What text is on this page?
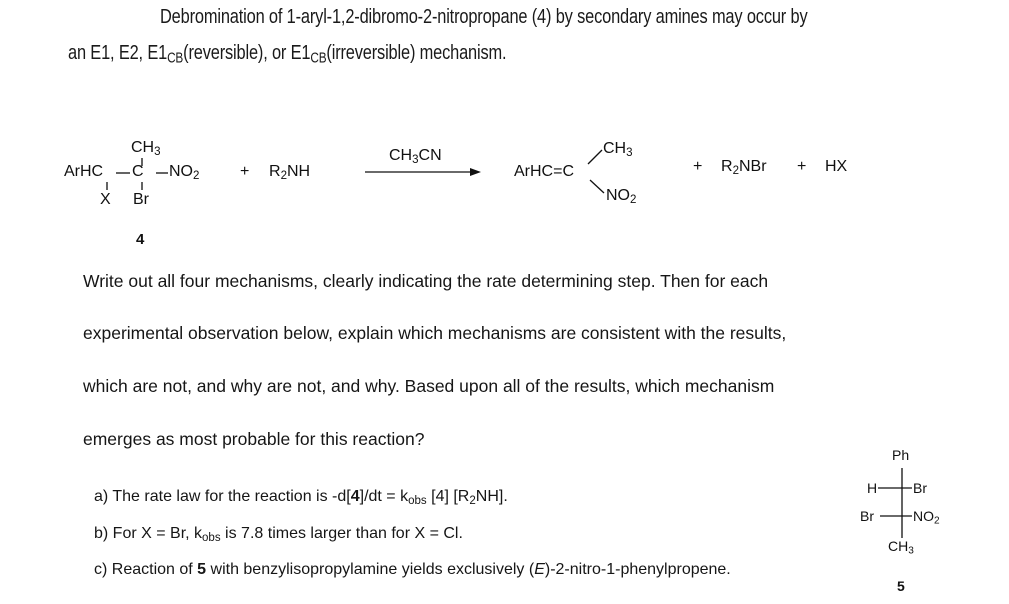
Debromination of 1-aryl-1,2-dibromo-2-nitropropane (4) by secondary amines may occur by
an E1, E2, $E1_{CB}(reversible)$, or $E1_{CB}(irreversible)$ mechanism.
$CH_3$
ArHC C $NO_2$
X Br
4
+ $R_2NH$
$CH_3CN$
ArHC=C
$CH_3$
$NO_2$
+ $R_2NBr$ + HX
Write out all four mechanisms, clearly indicating the rate determining step. Then for each
experimental observation below, explain which mechanisms are consistent with the results,
which are not, and why are not, and why. Based upon all of the results, which mechanism
emerges as most probable for this reaction?
a) The rate law for the reaction is $-d[4]/dt = k_{obs}$ [4] $[R_2NH]$.
b) For X = Br, $k_{obs}$ is 7.8 times larger than for X = Cl.
c) Reaction of 5 with benzylisopropylamine yields exclusively (E)-2-nitro-1-phenylpropene.
Ph
H	Br
Br	$NO_2$
$CH_3$
5
